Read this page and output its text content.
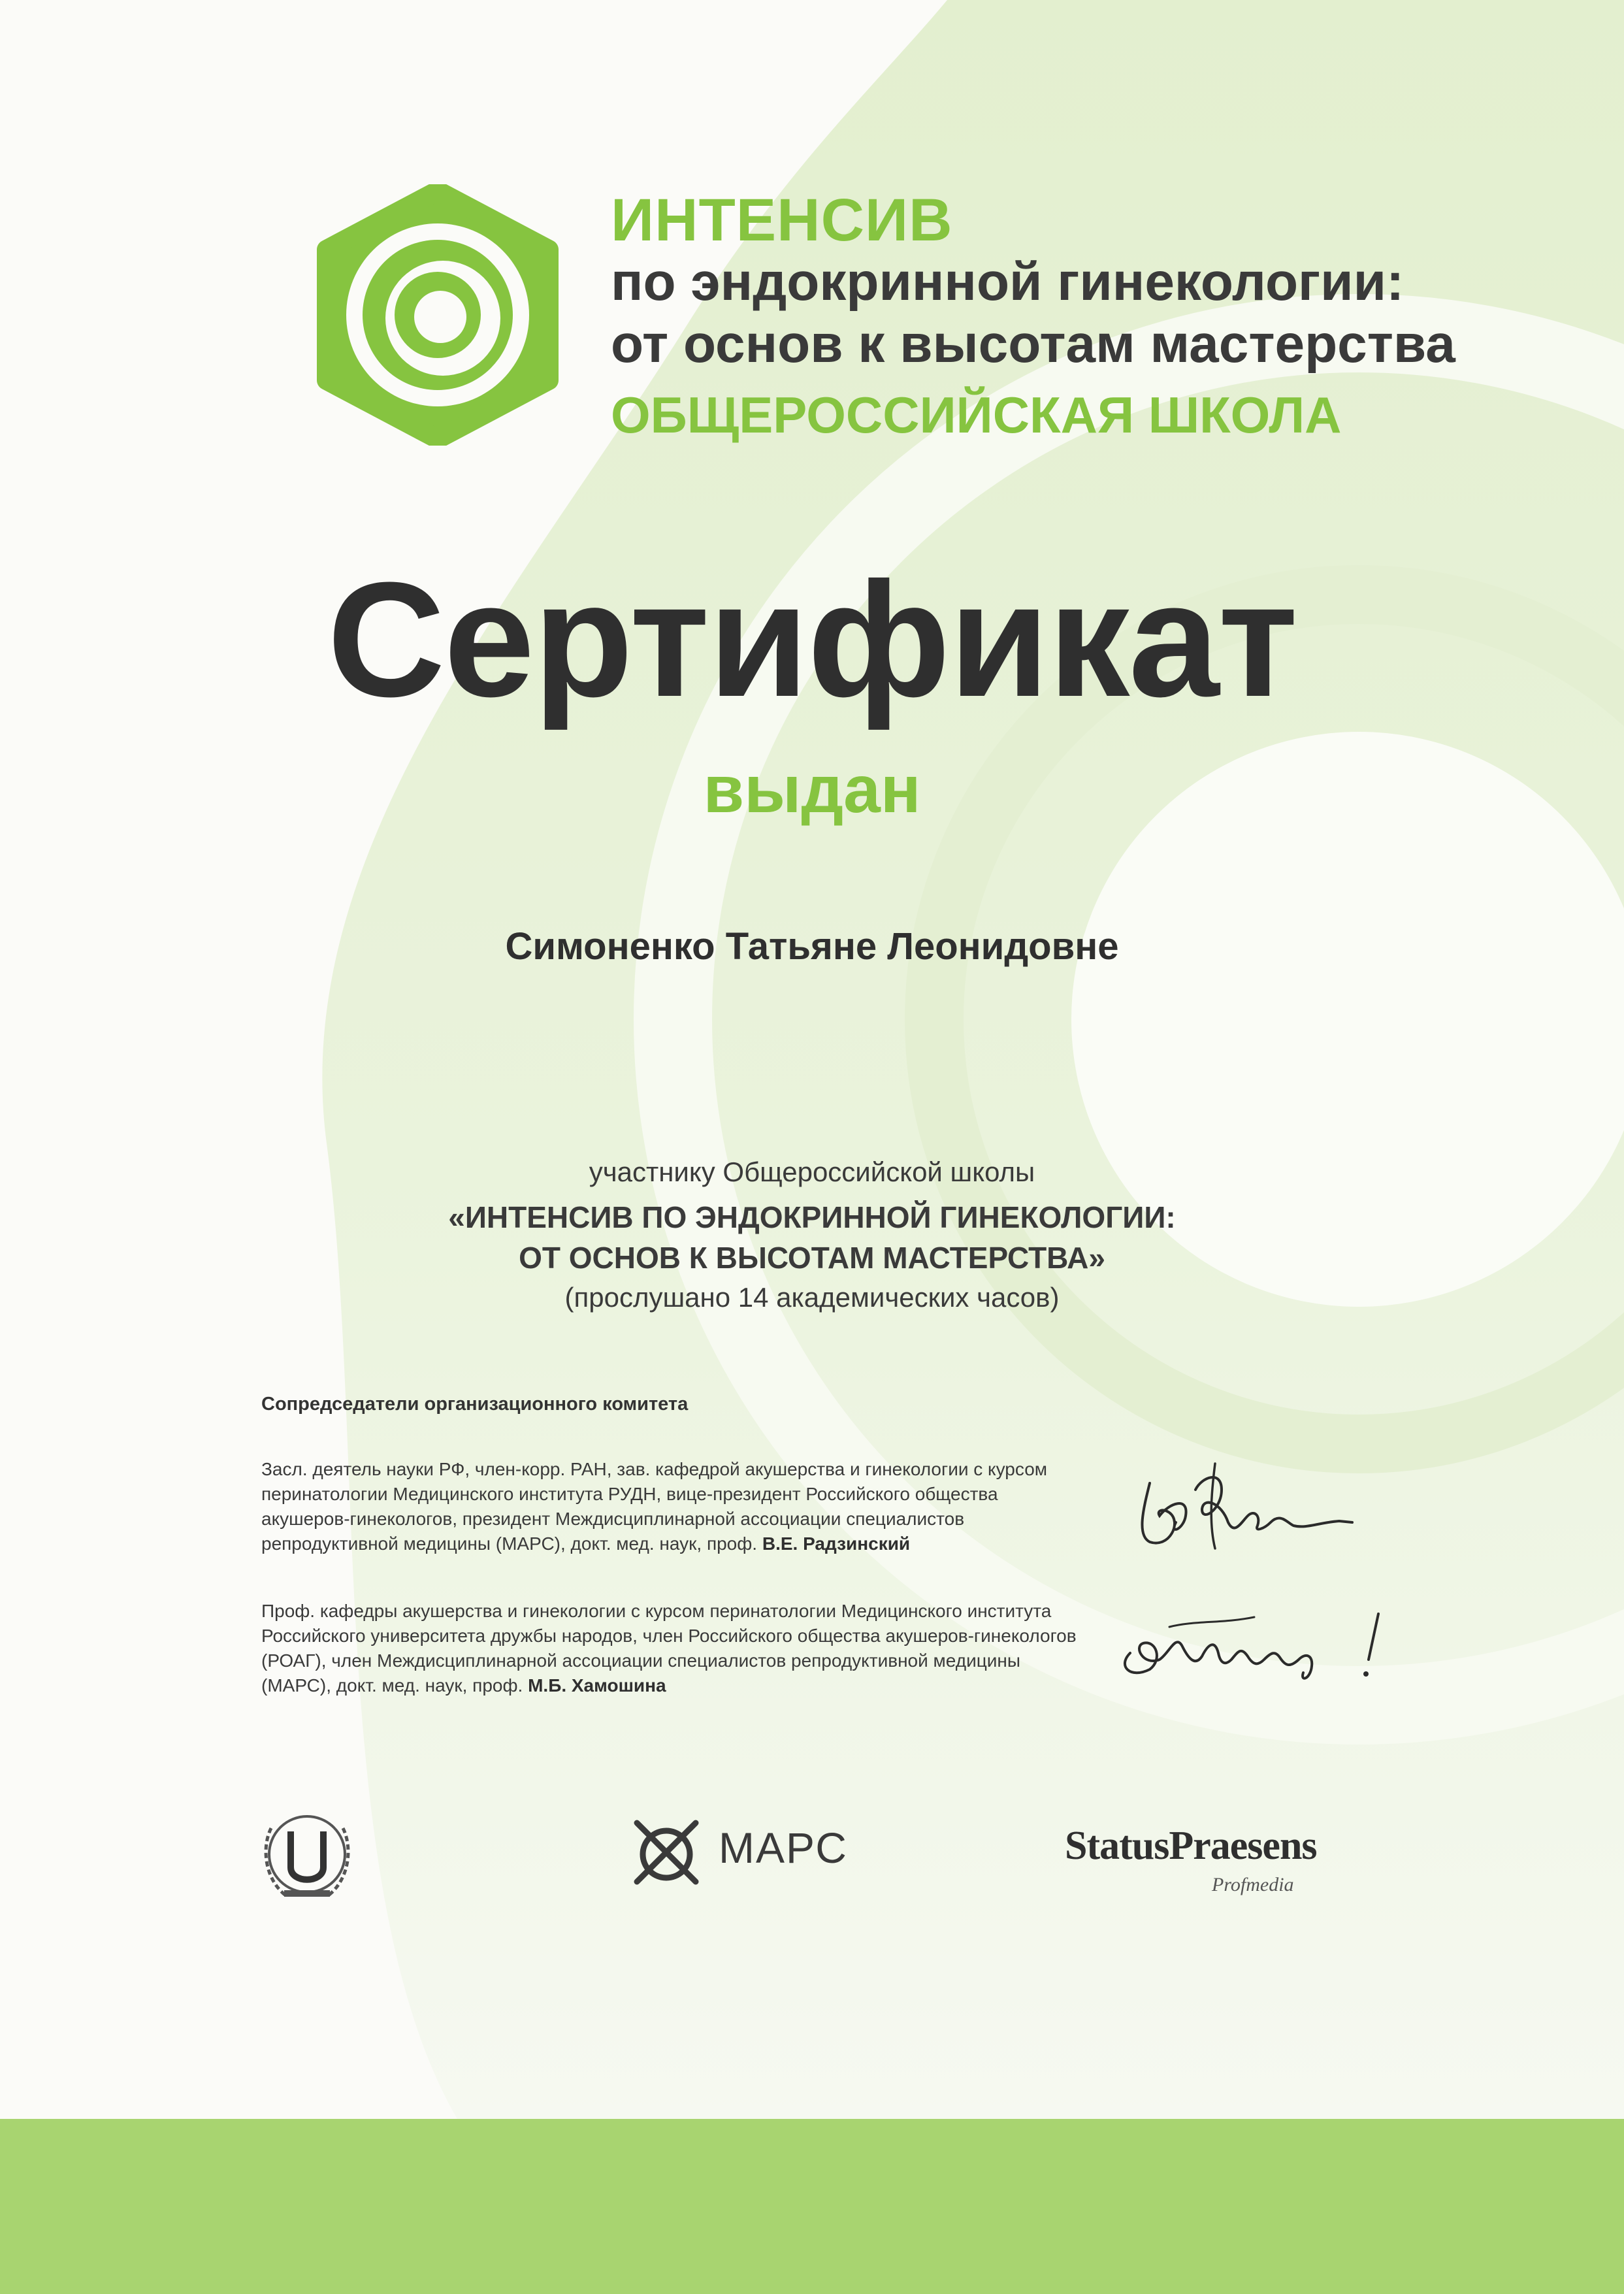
ИНТЕНСИВ
по эндокринной гинекологии:
от основ к высотам мастерства
ОБЩЕРОССИЙСКАЯ ШКОЛА
Сертификат
выдан
Симоненко Татьяне Леонидовне
участнику Общероссийской школы
«ИНТЕНСИВ ПО ЭНДОКРИННОЙ ГИНЕКОЛОГИИ:
ОТ ОСНОВ К ВЫСОТАМ МАСТЕРСТВА»
(прослушано 14 академических часов)
Сопредседатели организационного комитета
Засл. деятель науки РФ, член-корр. РАН, зав. кафедрой акушерства и гинекологии с курсом перинатологии Медицинского института РУДН, вице-президент Российского общества акушеров-гинекологов, президент Междисциплинарной ассоциации специалистов репродуктивной медицины (МАРС), докт. мед. наук, проф. В.Е. Радзинский
Проф. кафедры акушерства и гинекологии с курсом перинатологии Медицинского института Российского университета дружбы народов, член Российского общества акушеров-гинекологов (РОАГ), член Междисциплинарной ассоциации специалистов репродуктивной медицины (МАРС), докт. мед. наук, проф. М.Б. Хамошина
МАРС	StatusPraesens
Profmedia
